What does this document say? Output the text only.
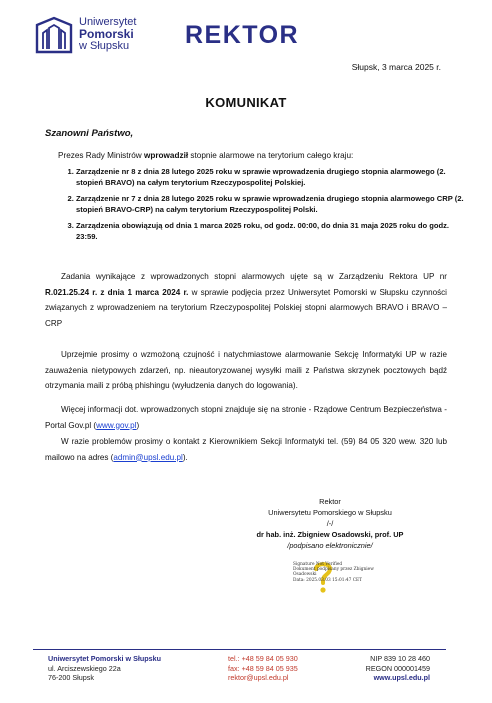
Uniwersytet
Pomorski
w Słupsku REKTOR
Słupsk, 3 marca 2025 r.
KOMUNIKAT
Szanowni Państwo,
Prezes Rady Ministrów wprowadził stopnie alarmowe na terytorium całego kraju:
1. Zarządzenie nr 8 z dnia 28 lutego 2025 roku w sprawie wprowadzenia drugiego stopnia alarmowego (2. stopień BRAVO) na całym terytorium Rzeczypospolitej Polskiej.
2. Zarządzenie nr 7 z dnia 28 lutego 2025 roku w sprawie wprowadzenia drugiego stopnia alarmowego CRP (2. stopień BRAVO-CRP) na całym terytorium Rzeczypospolitej Polski.
3. Zarządzenia obowiązują od dnia 1 marca 2025 roku, od godz. 00:00, do dnia 31 maja 2025 roku do godz. 23:59.
Zadania wynikające z wprowadzonych stopni alarmowych ujęte są w Zarządzeniu Rektora UP nr R.021.25.24 r. z dnia 1 marca 2024 r. w sprawie podjęcia przez Uniwersytet Pomorski w Słupsku czynności związanych z wprowadzeniem na terytorium Rzeczypospolitej Polskiej stopni alarmowych BRAVO i BRAVO – CRP
Uprzejmie prosimy o wzmożoną czujność i natychmiastowe alarmowanie Sekcję Informatyki UP w razie zauważenia nietypowych zdarzeń, np. nieautoryzowanej wysyłki maili z Państwa skrzynek pocztowych bądź otrzymania maili z próbą phishingu (wyłudzenia danych do logowania).
Więcej informacji dot. wprowadzonych stopni znajduje się na stronie - Rządowe Centrum Bezpieczeństwa - Portal Gov.pl (www.gov.pl)
W razie problemów prosimy o kontakt z Kierownikiem Sekcji Informatyki tel. (59) 84 05 320 wew. 320 lub mailowo na adres (admin@upsl.edu.pl).
Rektor
Uniwersytetu Pomorskiego w Słupsku
/-/
dr hab. inż. Zbigniew Osadowski, prof. UP
/podpisano elektronicznie/
Signature Not Verified
Dokument podpisany przez Zbigniew
Osadowski
Data: 2025.03.03 15:01:47 CET
Uniwersytet Pomorski w Słupsku
ul. Arciszewskiego 22a
76-200 Słupsk
tel.: +48 59 84 05 930
fax: +48 59 84 05 935
rektor@upsl.edu.pl
NIP 839 10 28 460
REGON 000001459
www.upsl.edu.pl
